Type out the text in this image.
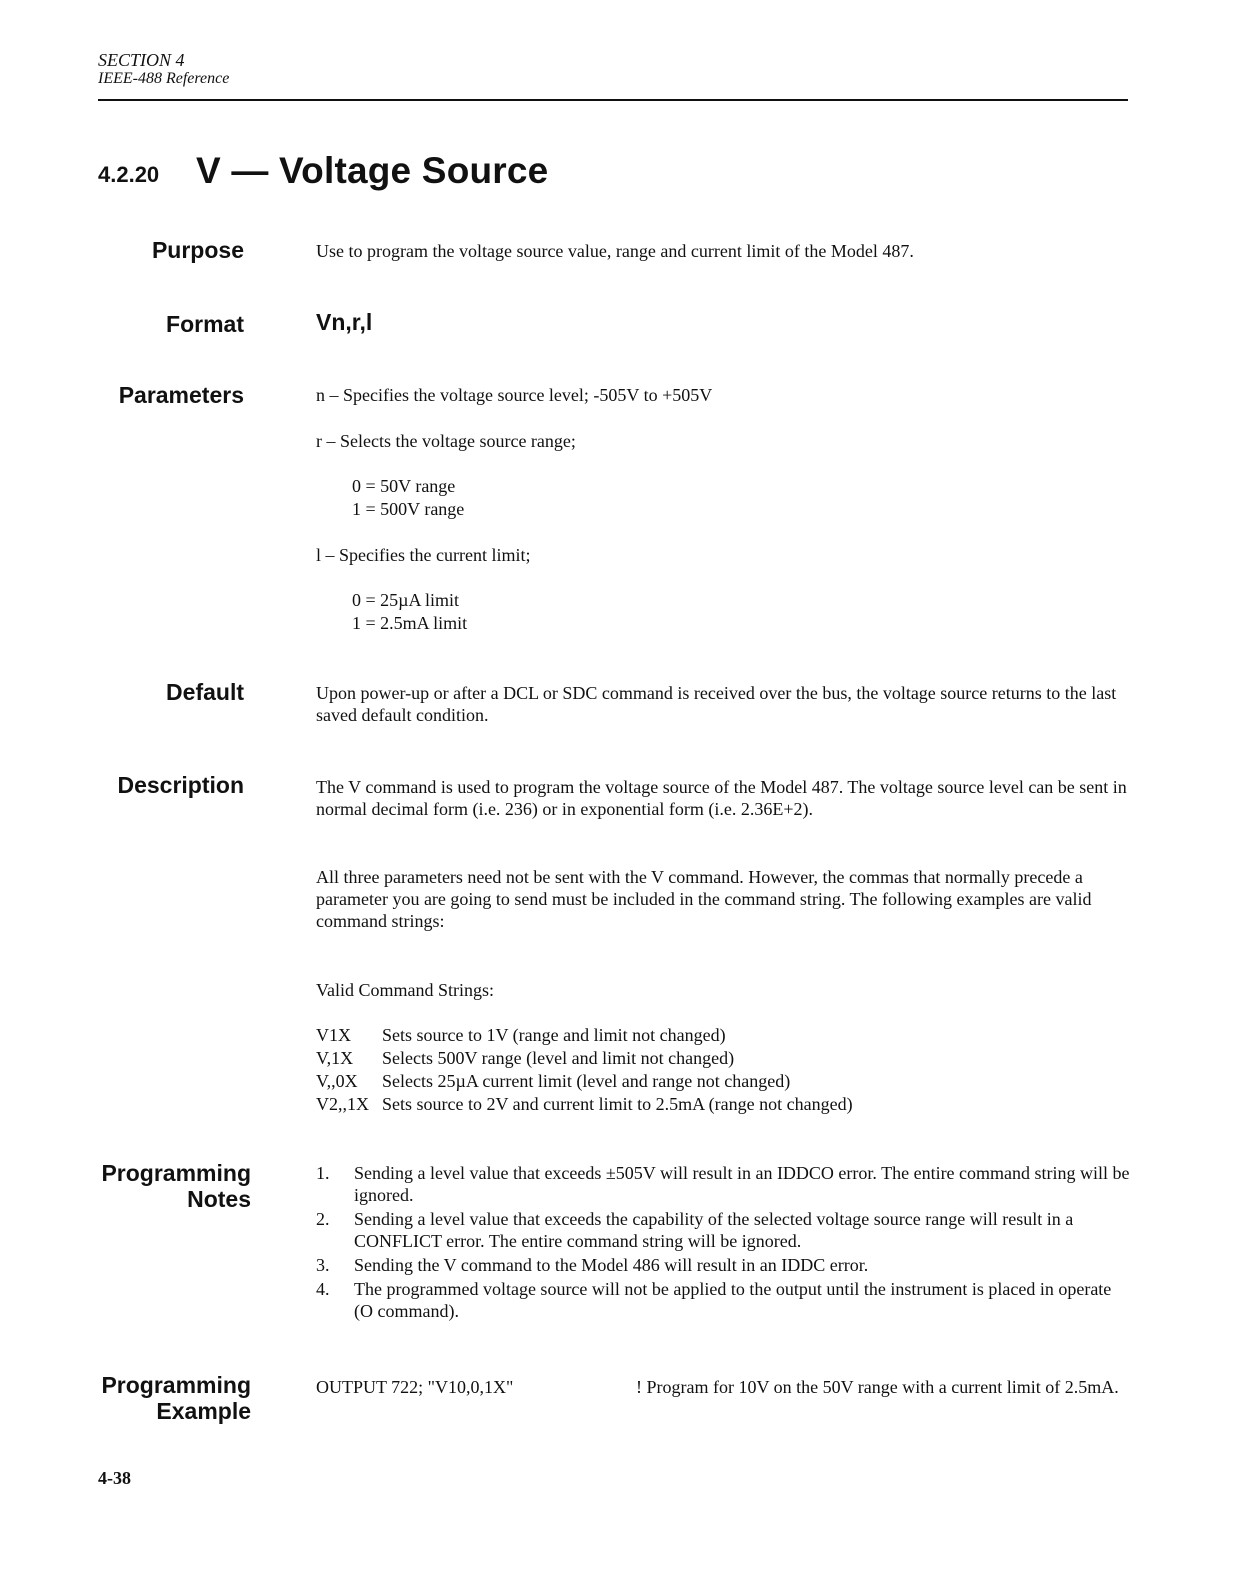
SECTION 4
IEEE-488 Reference
4.2.20 V — Voltage Source
Purpose	Use to program the voltage source value, range and current limit of the Model 487.
Format	Vn,r,l
Parameters	n – Specifies the voltage source level; -505V to +505V
r – Selects the voltage source range;
0 = 50V range
1 = 500V range
l – Specifies the current limit;
0 = 25µA limit
1 = 2.5mA limit
Default	Upon power-up or after a DCL or SDC command is received over the bus, the voltage source returns to the last saved default condition.
Description	The V command is used to program the voltage source of the Model 487. The voltage source level can be sent in normal decimal form (i.e. 236) or in exponential form (i.e. 2.36E+2).
All three parameters need not be sent with the V command. However, the commas that normally precede a parameter you are going to send must be included in the command string. The following examples are valid command strings:
Valid Command Strings:
V1X Sets source to 1V (range and limit not changed)
V,1X Selects 500V range (level and limit not changed)
V,,0X Selects 25µA current limit (level and range not changed)
V2,,1X Sets source to 2V and current limit to 2.5mA (range not changed)
Programming
Notes
1.	Sending a level value that exceeds ±505V will result in an IDDCO error. The entire command string will be ignored.
2.	Sending a level value that exceeds the capability of the selected voltage source range will result in a CONFLICT error. The entire command string will be ignored.
3.	Sending the V command to the Model 486 will result in an IDDC error.
4.	The programmed voltage source will not be applied to the output until the instrument is placed in operate (O command).
Programming
Example
OUTPUT 722; "V10,0,1X"	! Program for 10V on the 50V range with a current limit of 2.5mA.
4-38
